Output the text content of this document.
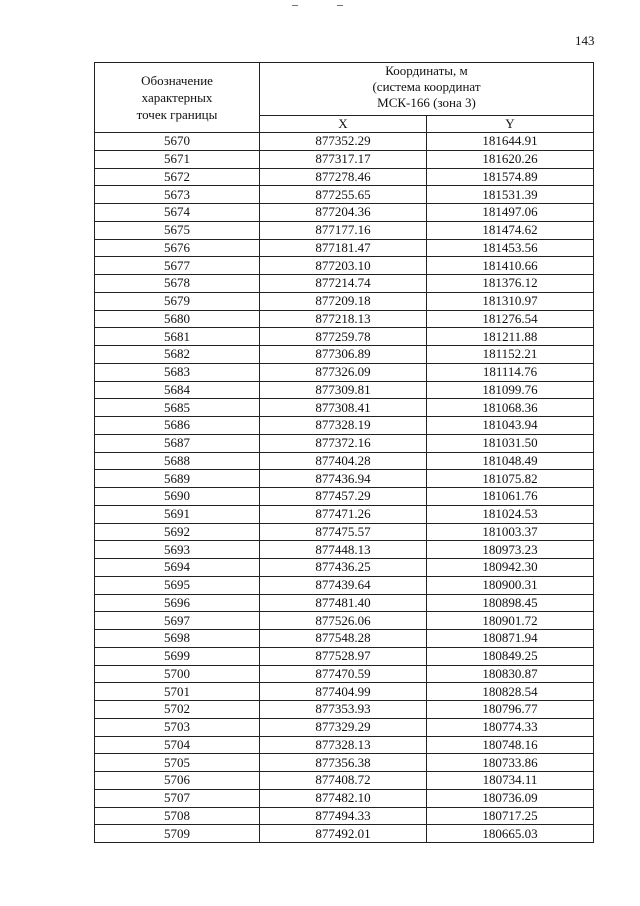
– –
143
Обозначение
характерных
точек границы	Координаты, м
(система координат
МСК-166 (зона 3)	

	X	Y
5670	877352.29	181644.91
5671	877317.17	181620.26
5672	877278.46	181574.89
5673	877255.65	181531.39
5674	877204.36	181497.06
5675	877177.16	181474.62
5676	877181.47	181453.56
5677	877203.10	181410.66
5678	877214.74	181376.12
5679	877209.18	181310.97
5680	877218.13	181276.54
5681	877259.78	181211.88
5682	877306.89	181152.21
5683	877326.09	181114.76
5684	877309.81	181099.76
5685	877308.41	181068.36
5686	877328.19	181043.94
5687	877372.16	181031.50
5688	877404.28	181048.49
5689	877436.94	181075.82
5690	877457.29	181061.76
5691	877471.26	181024.53
5692	877475.57	181003.37
5693	877448.13	180973.23
5694	877436.25	180942.30
5695	877439.64	180900.31
5696	877481.40	180898.45
5697	877526.06	180901.72
5698	877548.28	180871.94
5699	877528.97	180849.25
5700	877470.59	180830.87
5701	877404.99	180828.54
5702	877353.93	180796.77
5703	877329.29	180774.33
5704	877328.13	180748.16
5705	877356.38	180733.86
5706	877408.72	180734.11
5707	877482.10	180736.09
5708	877494.33	180717.25
5709	877492.01	180665.03
